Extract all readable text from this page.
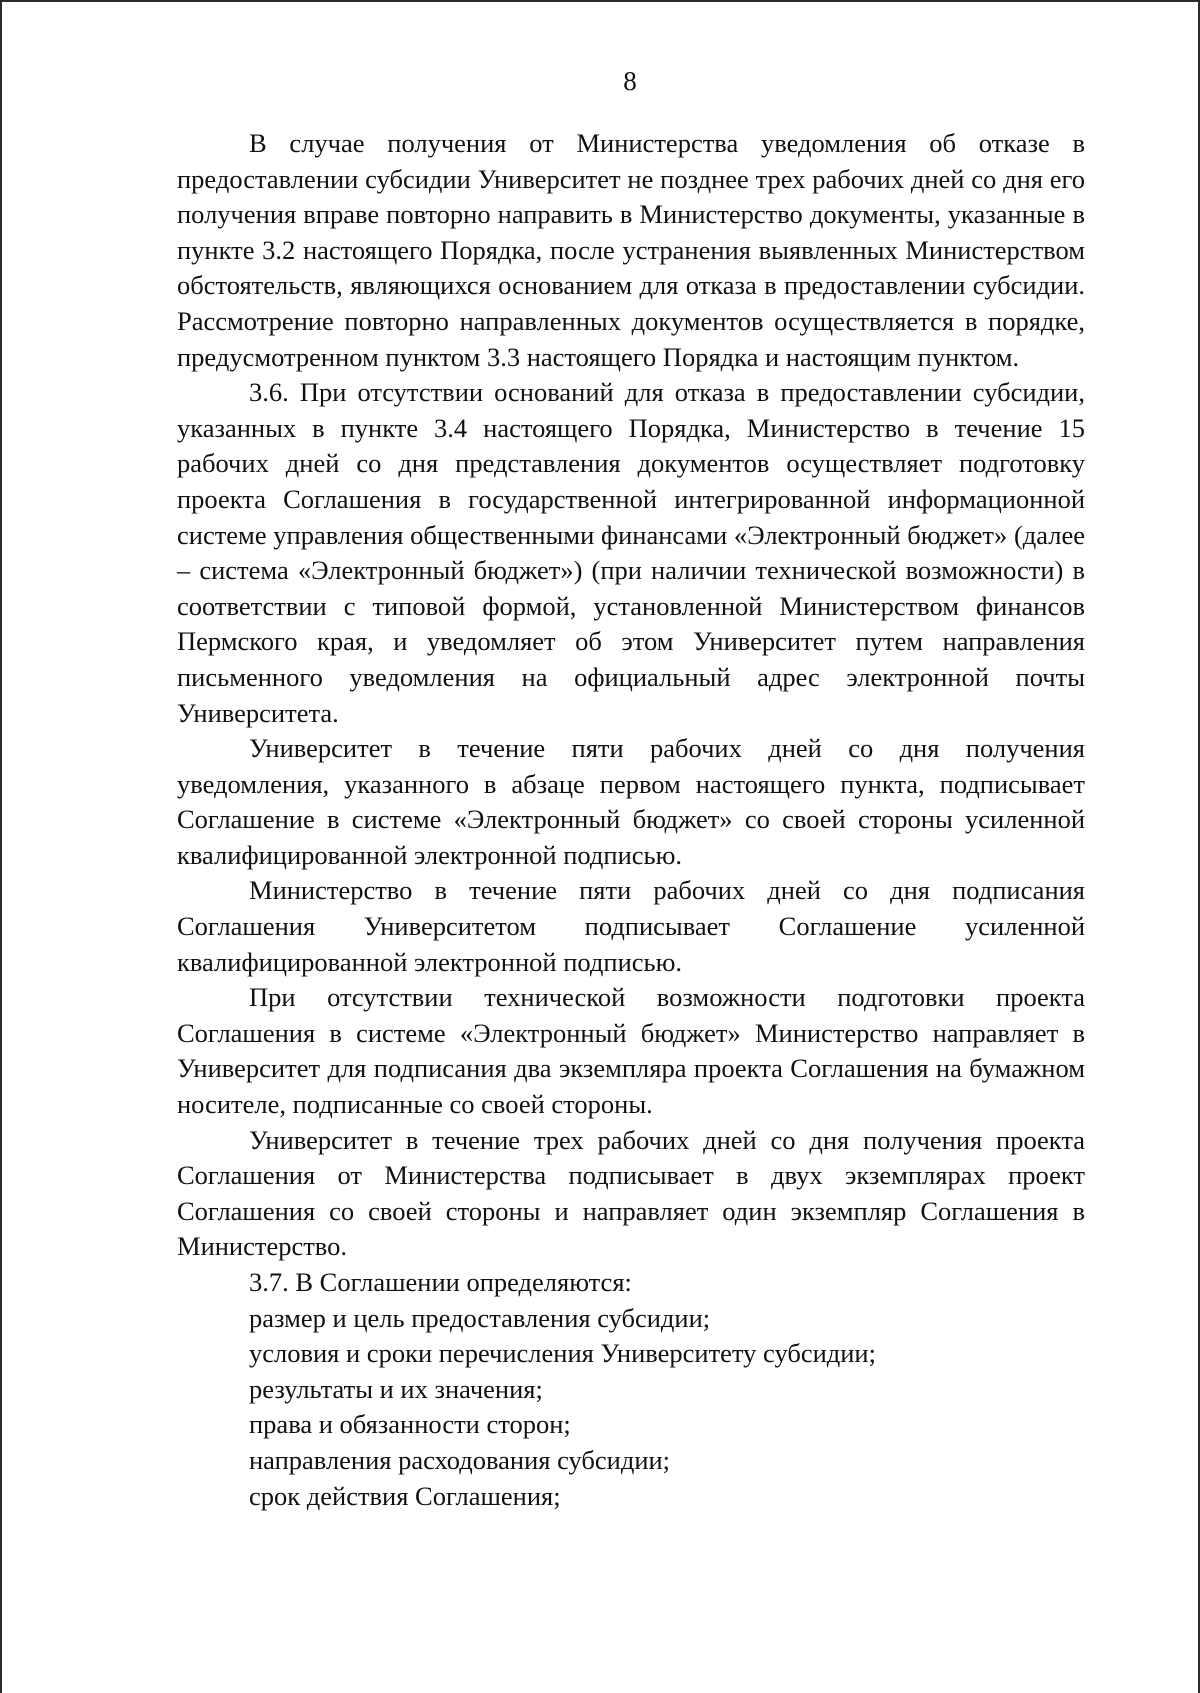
8

В случае получения от Министерства уведомления об отказе в предоставлении субсидии Университет не позднее трех рабочих дней со дня его получения вправе повторно направить в Министерство документы, указанные в пункте 3.2 настоящего Порядка, после устранения выявленных Министерством обстоятельств, являющихся основанием для отказа в предоставлении субсидии. Рассмотрение повторно направленных документов осуществляется в порядке, предусмотренном пунктом 3.3 настоящего Порядка и настоящим пунктом.

3.6. При отсутствии оснований для отказа в предоставлении субсидии, указанных в пункте 3.4 настоящего Порядка, Министерство в течение 15 рабочих дней со дня представления документов осуществляет подготовку проекта Соглашения в государственной интегрированной информационной системе управления общественными финансами «Электронный бюджет» (далее – система «Электронный бюджет») (при наличии технической возможности) в соответствии с типовой формой, установленной Министерством финансов Пермского края, и уведомляет об этом Университет путем направления письменного уведомления на официальный адрес электронной почты Университета.

Университет в течение пяти рабочих дней со дня получения уведомления, указанного в абзаце первом настоящего пункта, подписывает Соглашение в системе «Электронный бюджет» со своей стороны усиленной квалифицированной электронной подписью.

Министерство в течение пяти рабочих дней со дня подписания Соглашения Университетом подписывает Соглашение усиленной квалифицированной электронной подписью.

При отсутствии технической возможности подготовки проекта Соглашения в системе «Электронный бюджет» Министерство направляет в Университет для подписания два экземпляра проекта Соглашения на бумажном носителе, подписанные со своей стороны.

Университет в течение трех рабочих дней со дня получения проекта Соглашения от Министерства подписывает в двух экземплярах проект Соглашения со своей стороны и направляет один экземпляр Соглашения в Министерство.

3.7. В Соглашении определяются:

размер и цель предоставления субсидии;

условия и сроки перечисления Университету субсидии;

результаты и их значения;

права и обязанности сторон;

направления расходования субсидии;

срок действия Соглашения;
